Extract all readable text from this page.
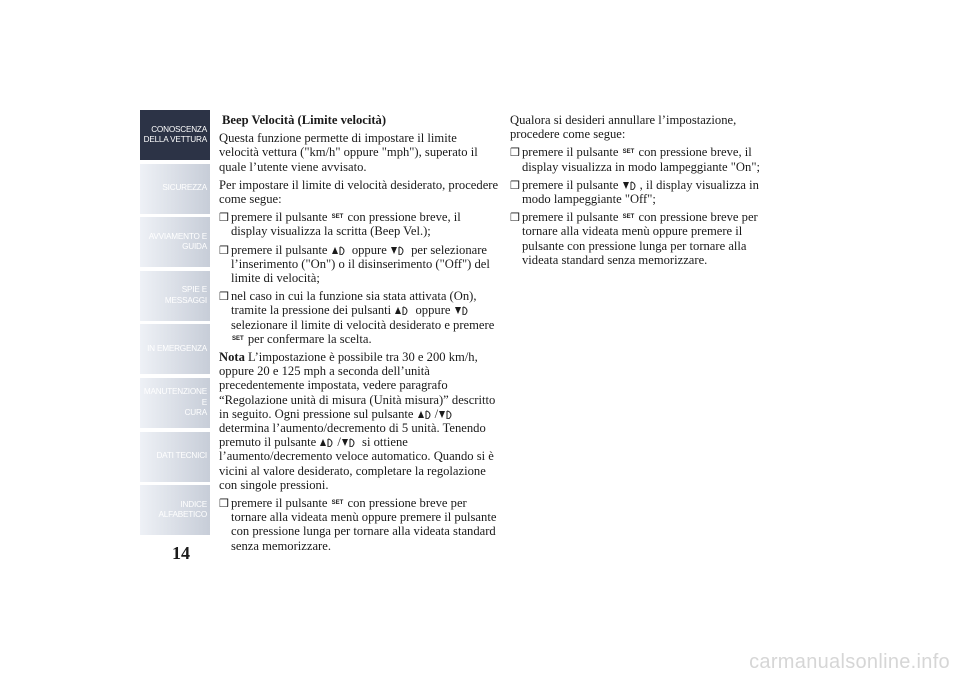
CONOSCENZA
DELLA VETTURA
SICUREZZA
AVVIAMENTO E
GUIDA
SPIE E MESSAGGI
IN EMERGENZA
MANUTENZIONE E
CURA
DATI TECNICI
INDICE
ALFABETICO
14

Beep Velocità (Limite velocità)

Questa funzione permette di impostare il limite velocità vettura ("km/h" oppure "mph"), superato il quale l’utente viene avvisato.

Per impostare il limite di velocità desiderato, procedere come segue:

❒ premere il pulsante $^{SET}$ con pressione breve, il display visualizza la scritta (Beep Vel.);

❒ premere il pulsante oppure per selezionare l’inserimento ("On") o il disinserimento ("Off") del limite di velocità;

❒ nel caso in cui la funzione sia stata attivata (On), tramite la pressione dei pulsanti oppure
selezionare il limite di velocità desiderato e premere $^{SET}$ per confermare la scelta.

Nota L’impostazione è possibile tra 30 e 200 km/h, oppure 20 e 125 mph a seconda dell’unità precedentemente impostata, vedere paragrafo “Regolazione unità di misura (Unità misura)” descritto in seguito. Ogni pressione sul pulsante /
determina l’aumento/decremento di 5 unità. Tenendo premuto il pulsante / si ottiene l’aumento/decremento veloce automatico. Quando si è vicini al valore desiderato, completare la regolazione con singole pressioni.

❒ premere il pulsante $^{SET}$ con pressione breve per tornare alla videata menù oppure premere il pulsante con pressione lunga per tornare alla videata standard senza memorizzare.

Qualora si desideri annullare l’impostazione, procedere come segue:

❒ premere il pulsante $^{SET}$ con pressione breve, il display visualizza in modo lampeggiante "On";

❒ premere il pulsante , il display visualizza in modo lampeggiante "Off";

❒ premere il pulsante $^{SET}$ con pressione breve per tornare alla videata menù oppure premere il pulsante con pressione lunga per tornare alla videata standard senza memorizzare.

carmanualsonline.info
